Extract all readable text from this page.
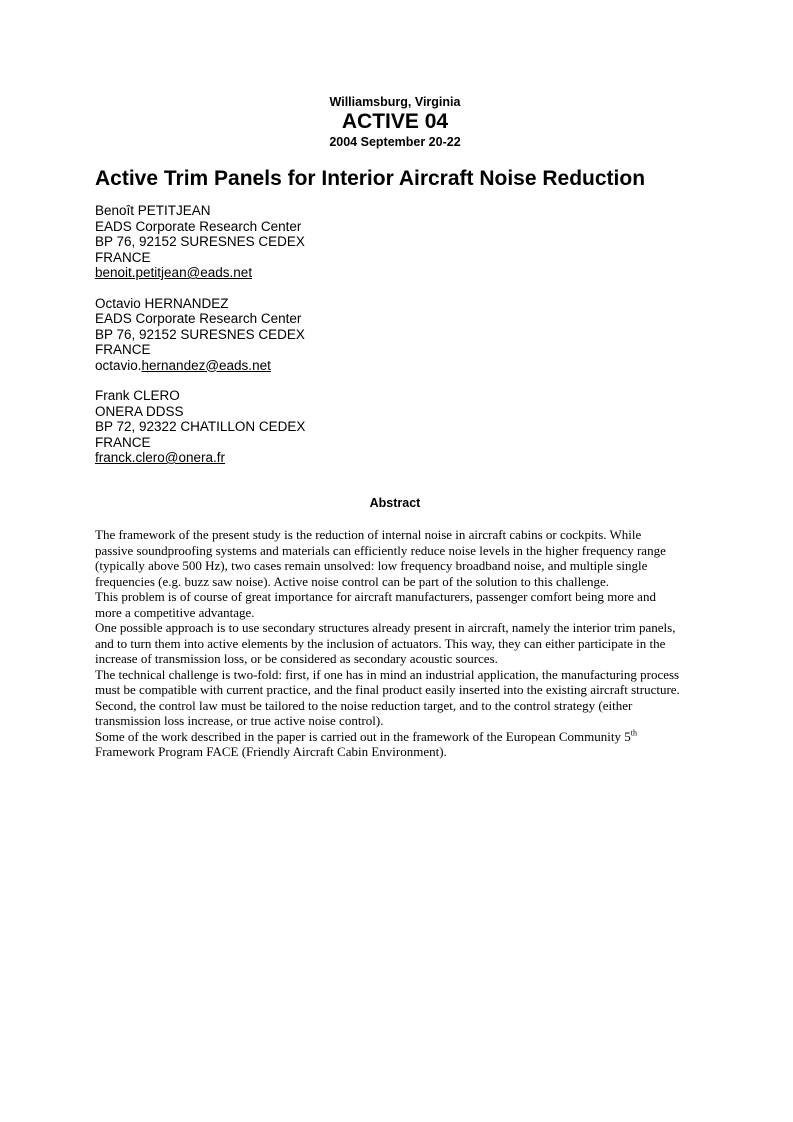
Williamsburg, Virginia
ACTIVE 04
2004 September 20-22
Active Trim Panels for Interior Aircraft Noise Reduction
Benoît PETITJEAN
EADS Corporate Research Center
BP 76, 92152 SURESNES CEDEX
FRANCE
benoit.petitjean@eads.net
Octavio HERNANDEZ
EADS Corporate Research Center
BP 76, 92152 SURESNES CEDEX
FRANCE
octavio.hernandez@eads.net
Frank CLERO
ONERA DDSS
BP 72, 92322 CHATILLON CEDEX
FRANCE
franck.clero@onera.fr
Abstract
The framework of the present study is the reduction of internal noise in aircraft cabins or cockpits. While
passive soundproofing systems and materials can efficiently reduce noise levels in the higher frequency range
(typically above 500 Hz), two cases remain unsolved: low frequency broadband noise, and multiple single
frequencies (e.g. buzz saw noise). Active noise control can be part of the solution to this challenge.
This problem is of course of great importance for aircraft manufacturers, passenger comfort being more and
more a competitive advantage.
One possible approach is to use secondary structures already present in aircraft, namely the interior trim panels,
and to turn them into active elements by the inclusion of actuators. This way, they can either participate in the
increase of transmission loss, or be considered as secondary acoustic sources.
The technical challenge is two-fold: first, if one has in mind an industrial application, the manufacturing process
must be compatible with current practice, and the final product easily inserted into the existing aircraft structure.
Second, the control law must be tailored to the noise reduction target, and to the control strategy (either
transmission loss increase, or true active noise control).
Some of the work described in the paper is carried out in the framework of the European Community 5th
Framework Program FACE (Friendly Aircraft Cabin Environment).
